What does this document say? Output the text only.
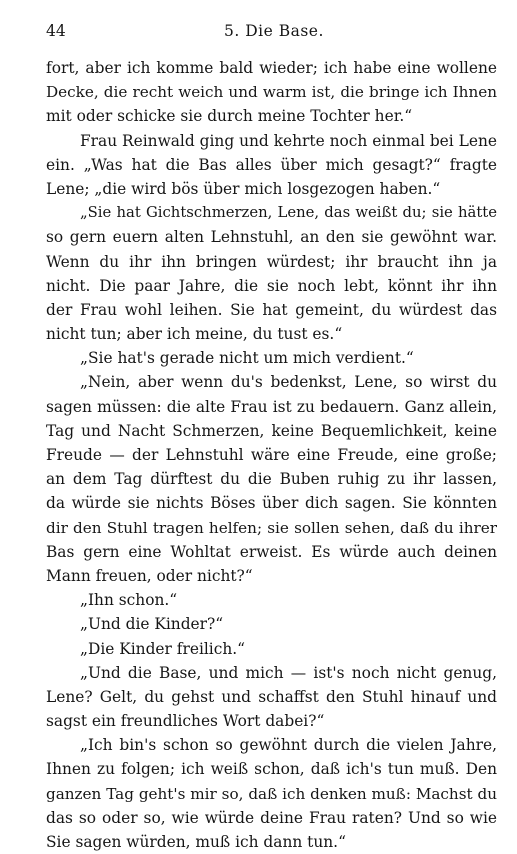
44	5. Die Base.
fort, aber ich komme bald wieder; ich habe eine wollene
Decke, die recht weich und warm ist, die bringe ich Ihnen
mit oder schicke sie durch meine Tochter her.“
Frau Reinwald ging und kehrte noch einmal bei Lene
ein. „Was hat die Bas alles über mich gesagt?“ fragte
Lene; „die wird bös über mich losgezogen haben.“
„Sie hat Gichtschmerzen, Lene, das weißt du; sie hätte
so gern euern alten Lehnstuhl, an den sie gewöhnt war.
Wenn du ihr ihn bringen würdest; ihr braucht ihn ja
nicht. Die paar Jahre, die sie noch lebt, könnt ihr ihn
der Frau wohl leihen. Sie hat gemeint, du würdest das
nicht tun; aber ich meine, du tust es.“
„Sie hat's gerade nicht um mich verdient.“
„Nein, aber wenn du's bedenkst, Lene, so wirst du
sagen müssen: die alte Frau ist zu bedauern. Ganz allein,
Tag und Nacht Schmerzen, keine Bequemlichkeit, keine
Freude — der Lehnstuhl wäre eine Freude, eine große;
an dem Tag dürftest du die Buben ruhig zu ihr lassen,
da würde sie nichts Böses über dich sagen. Sie könnten
dir den Stuhl tragen helfen; sie sollen sehen, daß du ihrer
Bas gern eine Wohltat erweist. Es würde auch deinen
Mann freuen, oder nicht?“
„Ihn schon.“
„Und die Kinder?“
„Die Kinder freilich.“
„Und die Base, und mich — ist's noch nicht genug,
Lene? Gelt, du gehst und schaffst den Stuhl hinauf und
sagst ein freundliches Wort dabei?“
„Ich bin's schon so gewöhnt durch die vielen Jahre,
Ihnen zu folgen; ich weiß schon, daß ich's tun muß. Den
ganzen Tag geht's mir so, daß ich denken muß: Machst du
das so oder so, wie würde deine Frau raten? Und so wie
Sie sagen würden, muß ich dann tun.“
